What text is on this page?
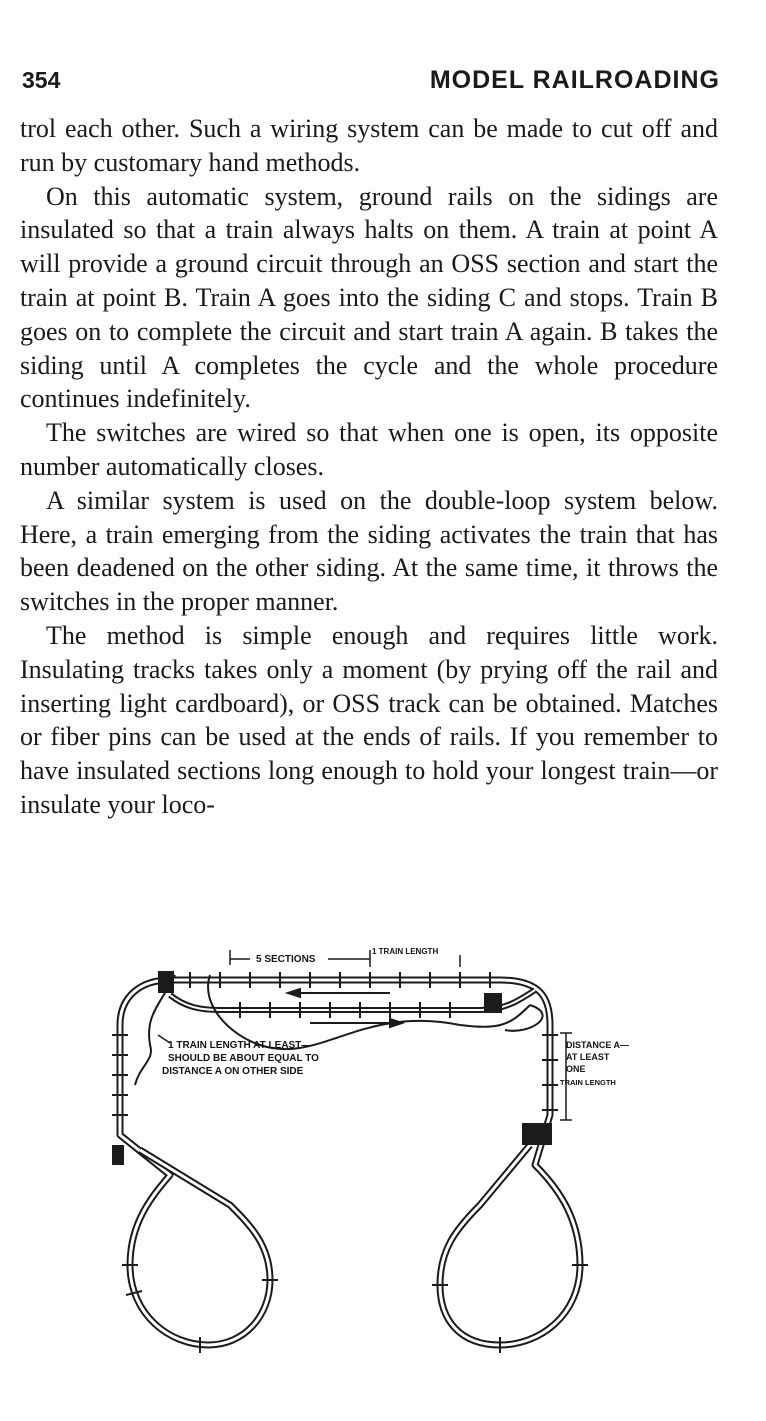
354	MODEL RAILROADING

trol each other. Such a wiring system can be made to cut off and run by customary hand methods.

On this automatic system, ground rails on the sidings are insulated so that a train always halts on them. A train at point A will provide a ground circuit through an OSS section and start the train at point B. Train A goes into the siding C and stops. Train B goes on to complete the circuit and start train A again. B takes the siding until A completes the cycle and the whole procedure continues indefinitely.

The switches are wired so that when one is open, its opposite number automatically closes.

A similar system is used on the double-loop system below. Here, a train emerging from the siding activates the train that has been deadened on the other siding. At the same time, it throws the switches in the proper manner.

The method is simple enough and requires little work. Insulating tracks takes only a moment (by prying off the rail and inserting light cardboard), or OSS track can be obtained. Matches or fiber pins can be used at the ends of rails. If you remember to have insulated sections long enough to hold your longest train—or insulate your loco-

5 SECTIONS
1 TRAIN LENGTH
1 TRAIN LENGTH AT LEAST—
SHOULD BE ABOUT EQUAL TO
DISTANCE A ON OTHER SIDE
DISTANCE A—
AT LEAST
ONE
TRAIN LENGTH
